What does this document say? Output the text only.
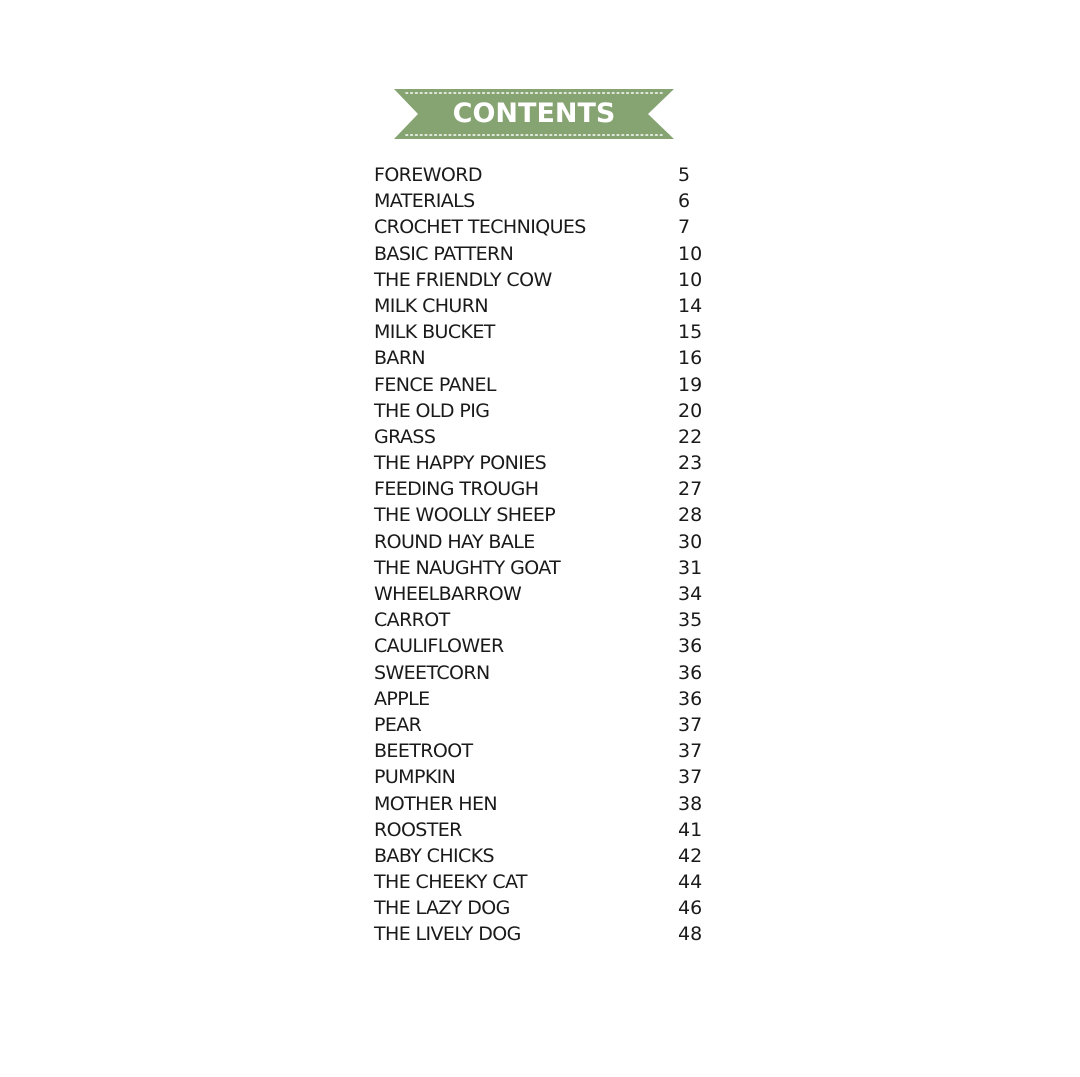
CONTENTS
FOREWORD	5
MATERIALS	6
CROCHET TECHNIQUES	7
BASIC PATTERN	10
THE FRIENDLY COW	10
MILK CHURN	14
MILK BUCKET	15
BARN	16
FENCE PANEL	19
THE OLD PIG	20
GRASS	22
THE HAPPY PONIES	23
FEEDING TROUGH	27
THE WOOLLY SHEEP	28
ROUND HAY BALE	30
THE NAUGHTY GOAT	31
WHEELBARROW	34
CARROT	35
CAULIFLOWER	36
SWEETCORN	36
APPLE	36
PEAR	37
BEETROOT	37
PUMPKIN	37
MOTHER HEN	38
ROOSTER	41
BABY CHICKS	42
THE CHEEKY CAT	44
THE LAZY DOG	46
THE LIVELY DOG	48
